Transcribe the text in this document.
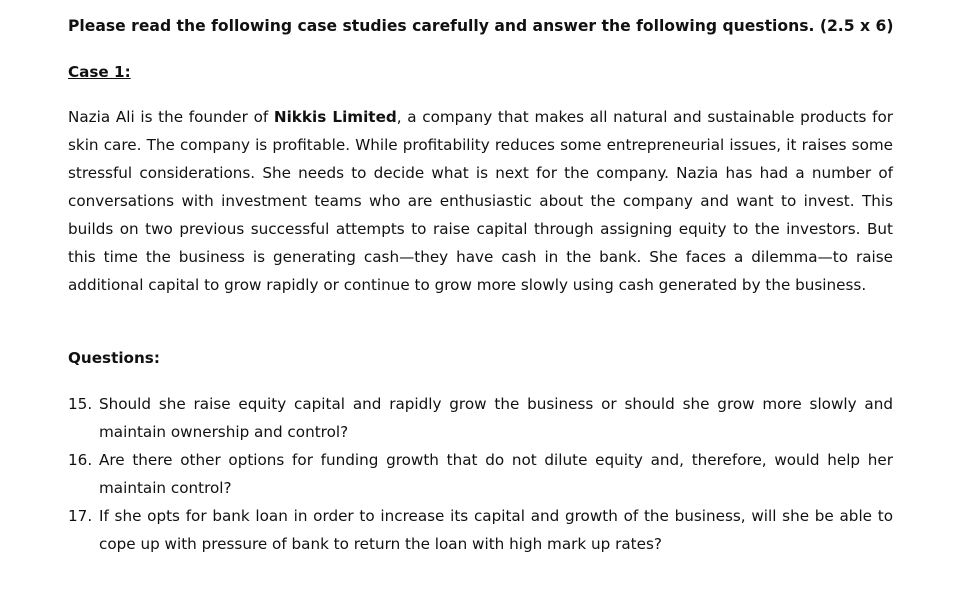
Please read the following case studies carefully and answer the following questions. (2.5 x 6)
Case 1:
Nazia Ali is the founder of Nikkis Limited, a company that makes all natural and sustainable products for skin care. The company is profitable. While profitability reduces some entrepreneurial issues, it raises some stressful considerations. She needs to decide what is next for the company. Nazia has had a number of conversations with investment teams who are enthusiastic about the company and want to invest. This builds on two previous successful attempts to raise capital through assigning equity to the investors. But this time the business is generating cash—they have cash in the bank. She faces a dilemma—to raise additional capital to grow rapidly or continue to grow more slowly using cash generated by the business.
Questions:
15. Should she raise equity capital and rapidly grow the business or should she grow more slowly and maintain ownership and control?
16. Are there other options for funding growth that do not dilute equity and, therefore, would help her maintain control?
17. If she opts for bank loan in order to increase its capital and growth of the business, will she be able to cope up with pressure of bank to return the loan with high mark up rates?
